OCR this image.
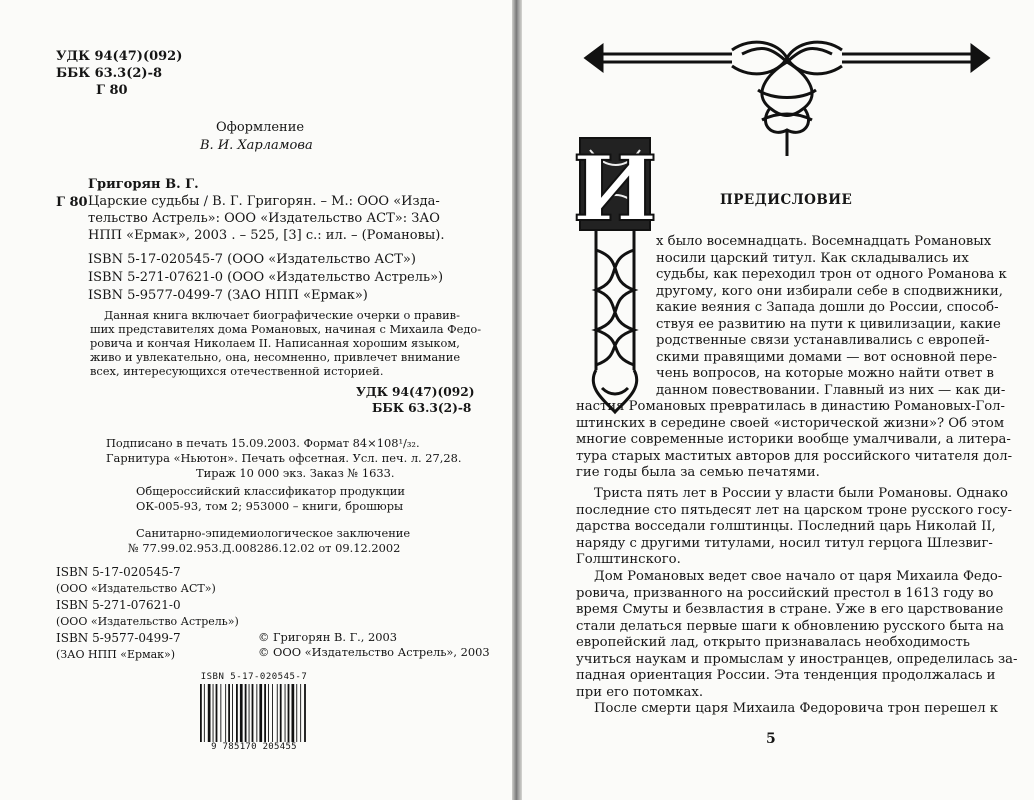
УДК 94(47)(092)

ББК 63.3(2)-8

Г 80

Оформление

В. И. Харламова

Григорян В. Г.

Г 80 Царские судьбы / В. Г. Григорян. – М.: ООО «Изда-
тельство Астрель»: ООО «Издательство АСТ»: ЗАО
НПП «Ермак», 2003 . – 525, [3] с.: ил. – (Романовы).
ISBN 5-17-020545-7 (ООО «Издательство АСТ»)
ISBN 5-271-07621-0 (ООО «Издательство Астрель»)
ISBN 5-9577-0499-7 (ЗАО НПП «Ермак»)
Данная книга включает биографические очерки о правив-
ших представителях дома Романовых, начиная с Михаила Федо-
ровича и кончая Николаем II. Написанная хорошим языком,
живо и увлекательно, она, несомненно, привлечет внимание
всех, интересующихся отечественной историей.

УДК 94(47)(092)

ББК 63.3(2)-8

Подписано в печать 15.09.2003. Формат 84×108¹/₃₂.
Гарнитура «Ньютон». Печать офсетная. Усл. печ. л. 27,28.
Тираж 10 000 экз. Заказ № 1633.
Общероссийский классификатор продукции
ОК-005-93, том 2; 953000 – книги, брошюры
Санитарно-эпидемиологическое заключение
№ 77.99.02.953.Д.008286.12.02 от 09.12.2002
ISBN 5-17-020545-7
(ООО «Издательство АСТ»)
ISBN 5-271-07621-0
(ООО «Издательство Астрель»)
ISBN 5-9577-0499-7
(ЗАО НПП «Ермак»)
© Григорян В. Г., 2003
© ООО «Издательство Астрель», 2003
ISBN 5-17-020545-7
9 785170 205455
И	ПРЕДИСЛОВИЕ

х было восемнадцать. Восемнадцать Романовых

носили царский титул. Как складывались их

судьбы, как переходил трон от одного Романова к

другому, кого они избирали себе в сподвижники,

какие веяния с Запада дошли до России, способ-

ствуя ее развитию на пути к цивилизации, какие

родственные связи устанавливались с европей-

скими правящими домами — вот основной пере-

чень вопросов, на которые можно найти ответ в

данном повествовании. Главный из них — как ди-

настия Романовых превратилась в династию Романовых-Гол-

штинских в середине своей «исторической жизни»? Об этом

многие современные историки вообще умалчивали, а литера-

тура старых маститых авторов для российского читателя дол-

гие годы была за семью печатями.

Триста пять лет в России у власти были Романовы. Однако

последние сто пятьдесят лет на царском троне русского госу-

дарства восседали голштинцы. Последний царь Николай II,

наряду с другими титулами, носил титул герцога Шлезвиг-

Голштинского.

Дом Романовых ведет свое начало от царя Михаила Федо-

ровича, призванного на российский престол в 1613 году во

время Смуты и безвластия в стране. Уже в его царствование

стали делаться первые шаги к обновлению русского быта на

европейский лад, открыто признавалась необходимость

учиться наукам и промыслам у иностранцев, определилась за-

падная ориентация России. Эта тенденция продолжалась и

при его потомках.

После смерти царя Михаила Федоровича трон перешел к

5
